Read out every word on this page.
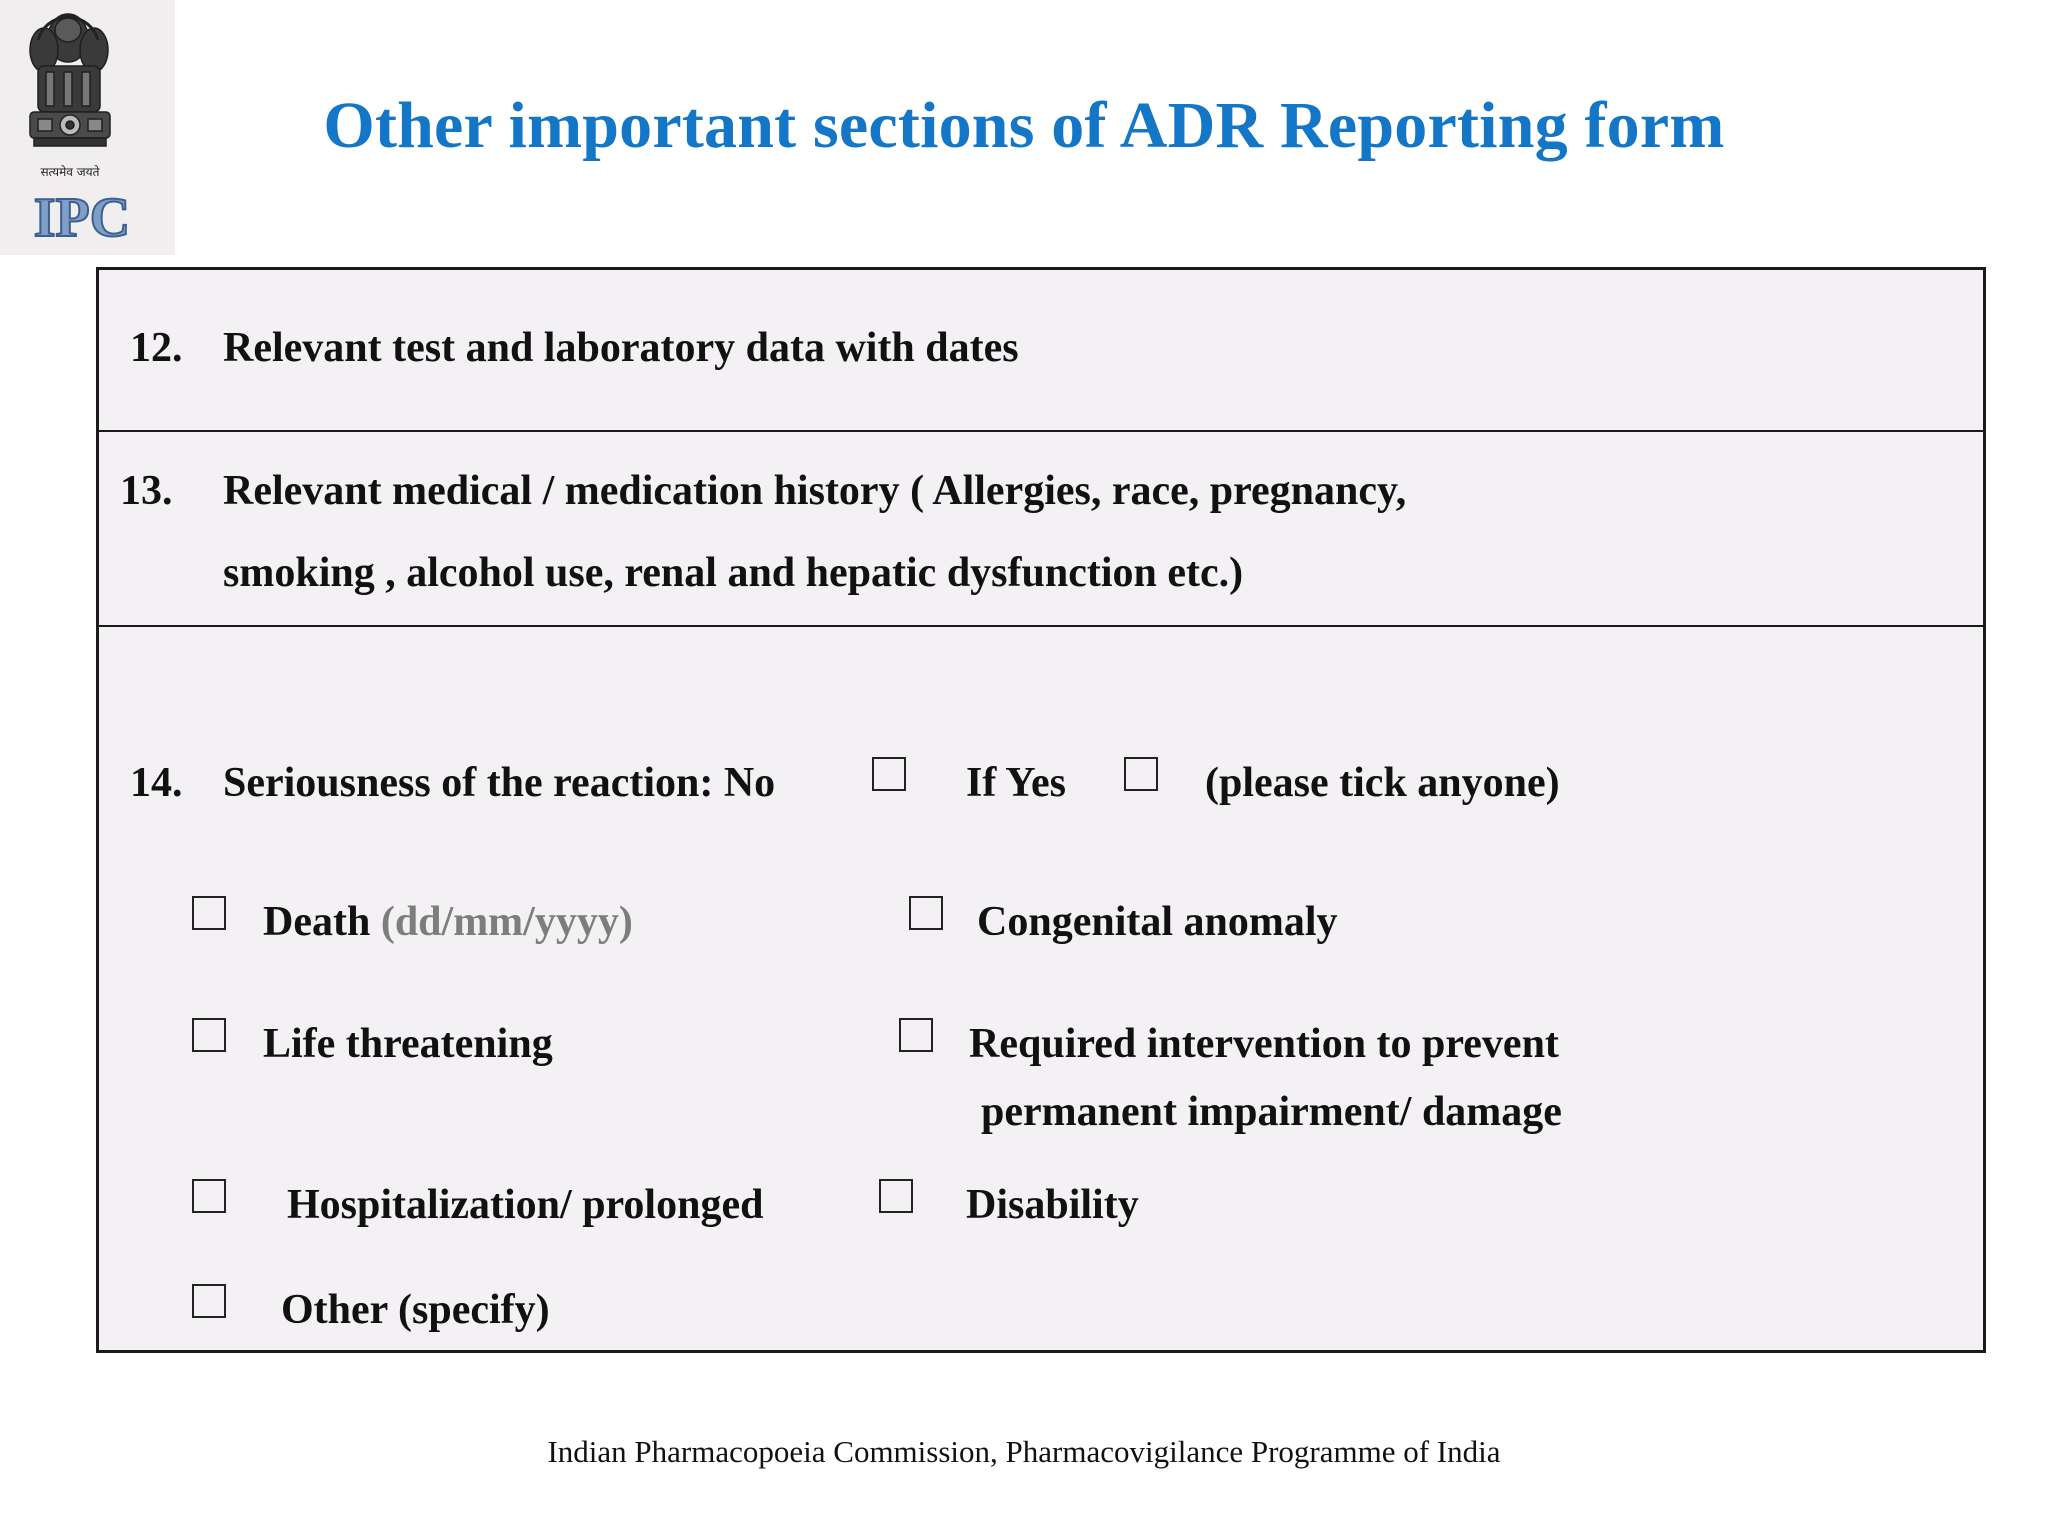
सत्यमेव जयते
IPC
Other important sections of ADR Reporting form
12. Relevant test and laboratory data with dates
13. Relevant medical / medication history ( Allergies, race, pregnancy,
smoking , alcohol use, renal and hepatic dysfunction etc.)
14. Seriousness of the reaction: No	If Yes	(please tick anyone)
Death (dd/mm/yyyy)	Congenital anomaly
Life threatening	Required intervention to prevent
permanent impairment/ damage
Hospitalization/ prolonged	Disability
Other (specify)
Indian Pharmacopoeia Commission, Pharmacovigilance Programme of India
